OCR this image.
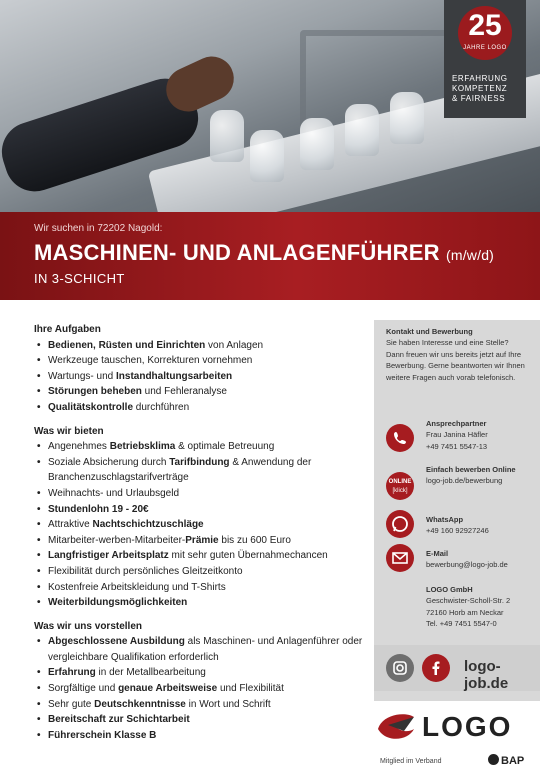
25
JAHRE LOGO
ERFAHRUNG
KOMPETENZ
& FAIRNESS
Wir suchen in 72202 Nagold:
MASCHINEN- UND ANLAGENFÜHRER (m/w/d)
IN 3-SCHICHT
Ihre Aufgaben
• Bedienen, Rüsten und Einrichten von Anlagen
• Werkzeuge tauschen, Korrekturen vornehmen
• Wartungs- und Instandhaltungsarbeiten
• Störungen beheben und Fehleranalyse
• Qualitätskontrolle durchführen
Was wir bieten
• Angenehmes Betriebsklima & optimale Betreuung
• Soziale Absicherung durch Tarifbindung & Anwendung der Branchenzuschlagstarifverträge
• Weihnachts- und Urlaubsgeld
• Stundenlohn 19 - 20€
• Attraktive Nachtschichtzuschläge
• Mitarbeiter-werben-Mitarbeiter-Prämie bis zu 600 Euro
• Langfristiger Arbeitsplatz mit sehr guten Übernahmechancen
• Flexibilität durch persönliches Gleitzeitkonto
• Kostenfreie Arbeitskleidung und T-Shirts
• Weiterbildungsmöglichkeiten
Was wir uns vorstellen
• Abgeschlossene Ausbildung als Maschinen- und Anlagenführer oder vergleichbare Qualifikation erforderlich
• Erfahrung in der Metallbearbeitung
• Sorgfältige und genaue Arbeitsweise und Flexibilität
• Sehr gute Deutschkenntnisse in Wort und Schrift
• Bereitschaft zur Schichtarbeit
• Führerschein Klasse B
Kontakt und Bewerbung
Sie haben Interesse und eine Stelle? Dann freuen wir uns bereits jetzt auf Ihre Bewerbung. Gerne beantworten wir Ihnen weitere Fragen auch vorab telefonisch.
Ansprechpartner
Frau Janina Häfler
+49 7451 5547-13
ONLINE
[klick]
Einfach bewerben Online
logo-job.de/bewerbung
WhatsApp
+49 160 92927246
E-Mail
bewerbung@logo-job.de
LOGO GmbH
Geschwister-Scholl-Str. 2
72160 Horb am Neckar
Tel. +49 7451 5547-0
logo-job.de
LOGO
Mitglied im Verband	BAP
